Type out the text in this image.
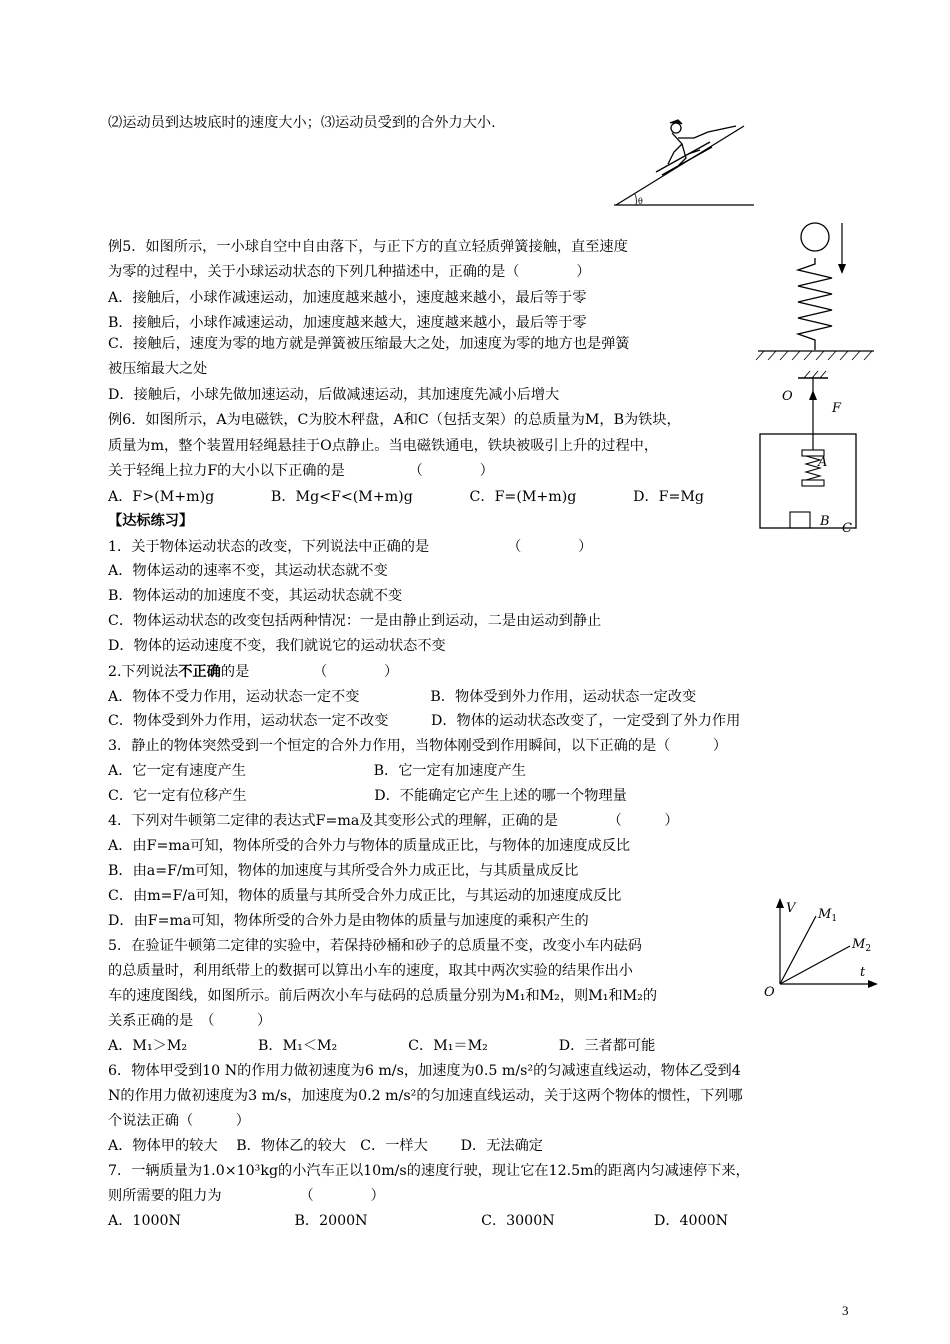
⑵运动员到达坡底时的速度大小；⑶运动员受到的合外力大小.
θ
例5．如图所示，一小球自空中自由落下，与正下方的直立轻质弹簧接触，直至速度
为零的过程中，关于小球运动状态的下列几种描述中，正确的是（　　　　）
A．接触后，小球作减速运动，加速度越来越小，速度越来越小，最后等于零
B．接触后，小球作减速运动，加速度越来越大，速度越来越小，最后等于零
C．接触后，速度为零的地方就是弹簧被压缩最大之处，加速度为零的地方也是弹簧
被压缩最大之处
D．接触后，小球先做加速运动，后做减速运动，其加速度先减小后增大
例6．如图所示，A为电磁铁，C为胶木秤盘，A和C（包括支架）的总质量为M，B为铁块，
质量为m，整个装置用轻绳悬挂于O点静止。当电磁铁通电，铁块被吸引上升的过程中，
关于轻绳上拉力F的大小以下正确的是　　　　　（　　　　）
A．F>(M+m)g　　　　B．Mg<F<(M+m)g　　　　C．F=(M+m)g　　　　D．F=Mg
O
F
A
B C
【达标练习】
1．关于物体运动状态的改变，下列说法中正确的是　　　　　　（　　　　）
A．物体运动的速率不变，其运动状态就不变
B．物体运动的加速度不变，其运动状态就不变
C．物体运动状态的改变包括两种情况：一是由静止到运动，二是由运动到静止
D．物体的运动速度不变，我们就说它的运动状态不变
2.下列说法不正确的是　　　　　（　　　　）
A．物体不受力作用，运动状态一定不变　　　　　B．物体受到外力作用，运动状态一定改变
C．物体受到外力作用，运动状态一定不改变　　　D．物体的运动状态改变了，一定受到了外力作用
3．静止的物体突然受到一个恒定的合外力作用，当物体刚受到作用瞬间，以下正确的是（　　　）
A．它一定有速度产生　　　　　　　　　B．它一定有加速度产生
C．它一定有位移产生　　　　　　　　　D．不能确定它产生上述的哪一个物理量
4．下列对牛顿第二定律的表达式F=ma及其变形公式的理解，正确的是　　　　（　　　）
A．由F=ma可知，物体所受的合外力与物体的质量成正比，与物体的加速度成反比
B．由a=F/m可知，物体的加速度与其所受合外力成正比，与其质量成反比
C．由m=F/a可知，物体的质量与其所受合外力成正比，与其运动的加速度成反比
D．由F=ma可知，物体所受的合外力是由物体的质量与加速度的乘积产生的
5．在验证牛顿第二定律的实验中，若保持砂桶和砂子的总质量不变，改变小车内砝码
的总质量时，利用纸带上的数据可以算出小车的速度，取其中两次实验的结果作出小
车的速度图线，如图所示。前后两次小车与砝码的总质量分别为M₁和M₂，则M₁和M₂的
关系正确的是　（　　　）
V
t
O
$M_1$
$M_2$
A．M₁＞M₂　　　　　B．M₁＜M₂　　　　　C．M₁＝M₂　　　　　D．三者都可能
6．物体甲受到10 N的作用力做初速度为6 m/s，加速度为0.5 m/s²的匀减速直线运动，物体乙受到4
N的作用力做初速度为3 m/s，加速度为0.2 m/s²的匀加速直线运动，关于这两个物体的惯性，下列哪
个说法正确（　　　）
A．物体甲的较大　 B．物体乙的较大　C．一样大　　 D．无法确定
7．一辆质量为1.0×10³kg的小汽车正以10m/s的速度行驶，现让它在12.5m的距离内匀减速停下来，
则所需要的阻力为　　　　　　（　　　　）
A．1000N　　　　　　　　B．2000N　　　　　　　　C．3000N　　　　　　　D．4000N
3
